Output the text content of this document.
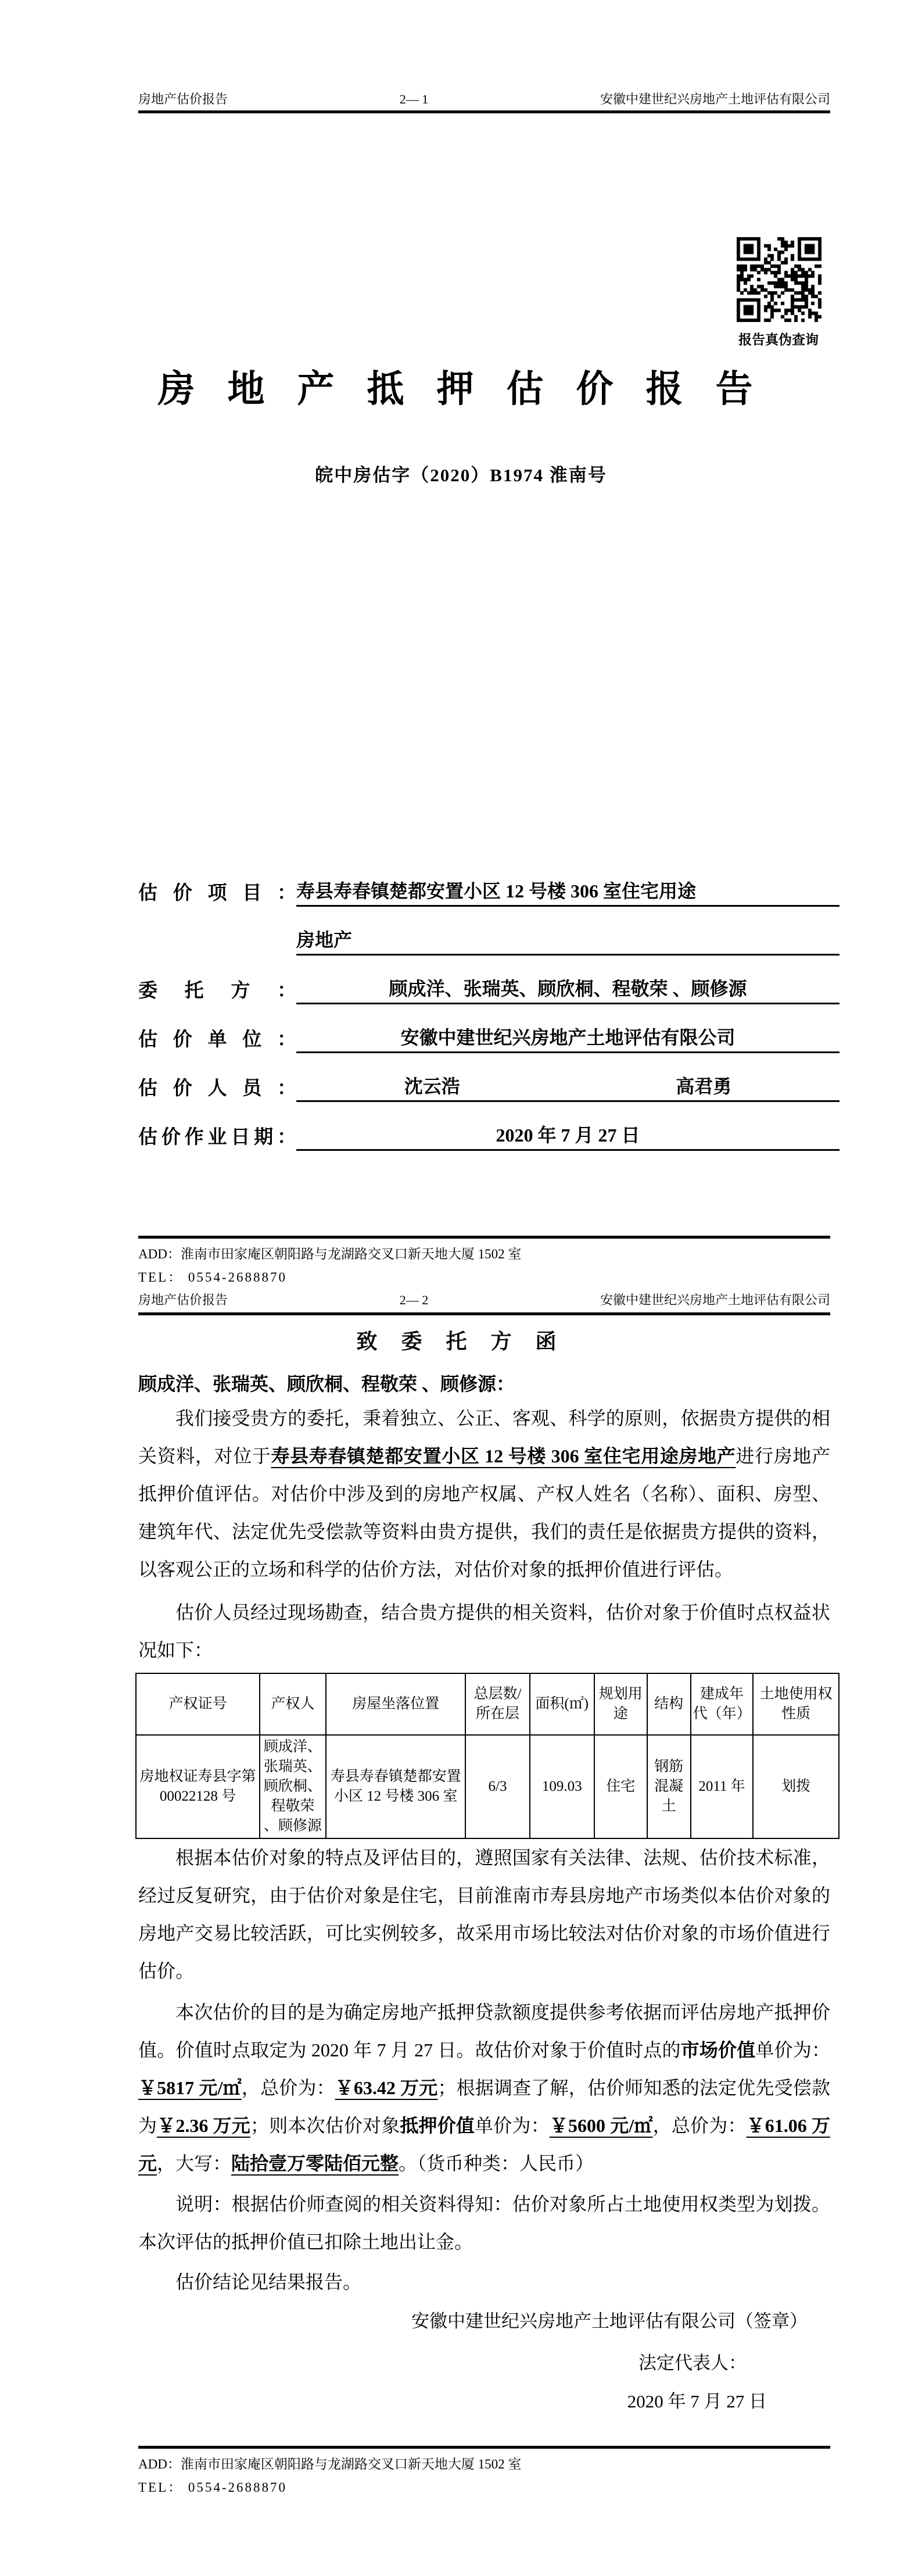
房地产估价报告	2— 1	安徽中建世纪兴房地产土地评估有限公司
报告真伪查询
房 地 产 抵 押 估 价 报 告
皖中房估字（2020）B1974 淮南号
估价项目： 寿县寿春镇楚都安置小区 12 号楼 306 室住宅用途
房地产
委托方：	顾成洋、张瑞英、顾欣桐、程敬荣 、顾修源
估价单位：	安徽中建世纪兴房地产土地评估有限公司
估价人员：	沈云浩	高君勇
估价作业日期：	2020 年 7 月 27 日
ADD：淮南市田家庵区朝阳路与龙湖路交叉口新天地大厦 1502 室
TEL： 0554-2688870
房地产估价报告	2— 2	安徽中建世纪兴房地产土地评估有限公司
致 委 托 方 函
顾成洋、张瑞英、顾欣桐、程敬荣 、顾修源：
我们接受贵方的委托，秉着独立、公正、客观、科学的原则，依据贵方提供的相关资料，对位于寿县寿春镇楚都安置小区 12 号楼 306 室住宅用途房地产进行房地产抵押价值评估。对估价中涉及到的房地产权属、产权人姓名（名称）、面积、房型、建筑年代、法定优先受偿款等资料由贵方提供，我们的责任是依据贵方提供的资料，以客观公正的立场和科学的估价方法，对估价对象的抵押价值进行评估。
估价人员经过现场勘查，结合贵方提供的相关资料，估价对象于价值时点权益状况如下：
产权证号	产权人	房屋坐落位置	总层数/所在层	面积(㎡)	规划用途	结构	建成年代（年）	土地使用权性质
房地权证寿县字第00022128 号	顾成洋、张瑞英、顾欣桐、程敬荣 、顾修源	寿县寿春镇楚都安置小区 12 号楼 306 室	6/3	109.03	住宅	钢筋混凝土	2011 年	划拨
根据本估价对象的特点及评估目的，遵照国家有关法律、法规、估价技术标准，经过反复研究，由于估价对象是住宅，目前淮南市寿县房地产市场类似本估价对象的房地产交易比较活跃，可比实例较多，故采用市场比较法对估价对象的市场价值进行估价。
本次估价的目的是为确定房地产抵押贷款额度提供参考依据而评估房地产抵押价值。价值时点取定为 2020 年 7 月 27 日。故估价对象于价值时点的市场价值单价为：￥5817 元/㎡，总价为：￥63.42 万元；根据调查了解，估价师知悉的法定优先受偿款为￥2.36 万元；则本次估价对象抵押价值单价为：￥5600 元/㎡，总价为：￥61.06 万元，大写：陆拾壹万零陆佰元整。（货币种类：人民币）
说明：根据估价师查阅的相关资料得知：估价对象所占土地使用权类型为划拨。本次评估的抵押价值已扣除土地出让金。
估价结论见结果报告。
安徽中建世纪兴房地产土地评估有限公司（签章）
法定代表人：
2020 年 7 月 27 日
ADD：淮南市田家庵区朝阳路与龙湖路交叉口新天地大厦 1502 室
TEL： 0554-2688870
